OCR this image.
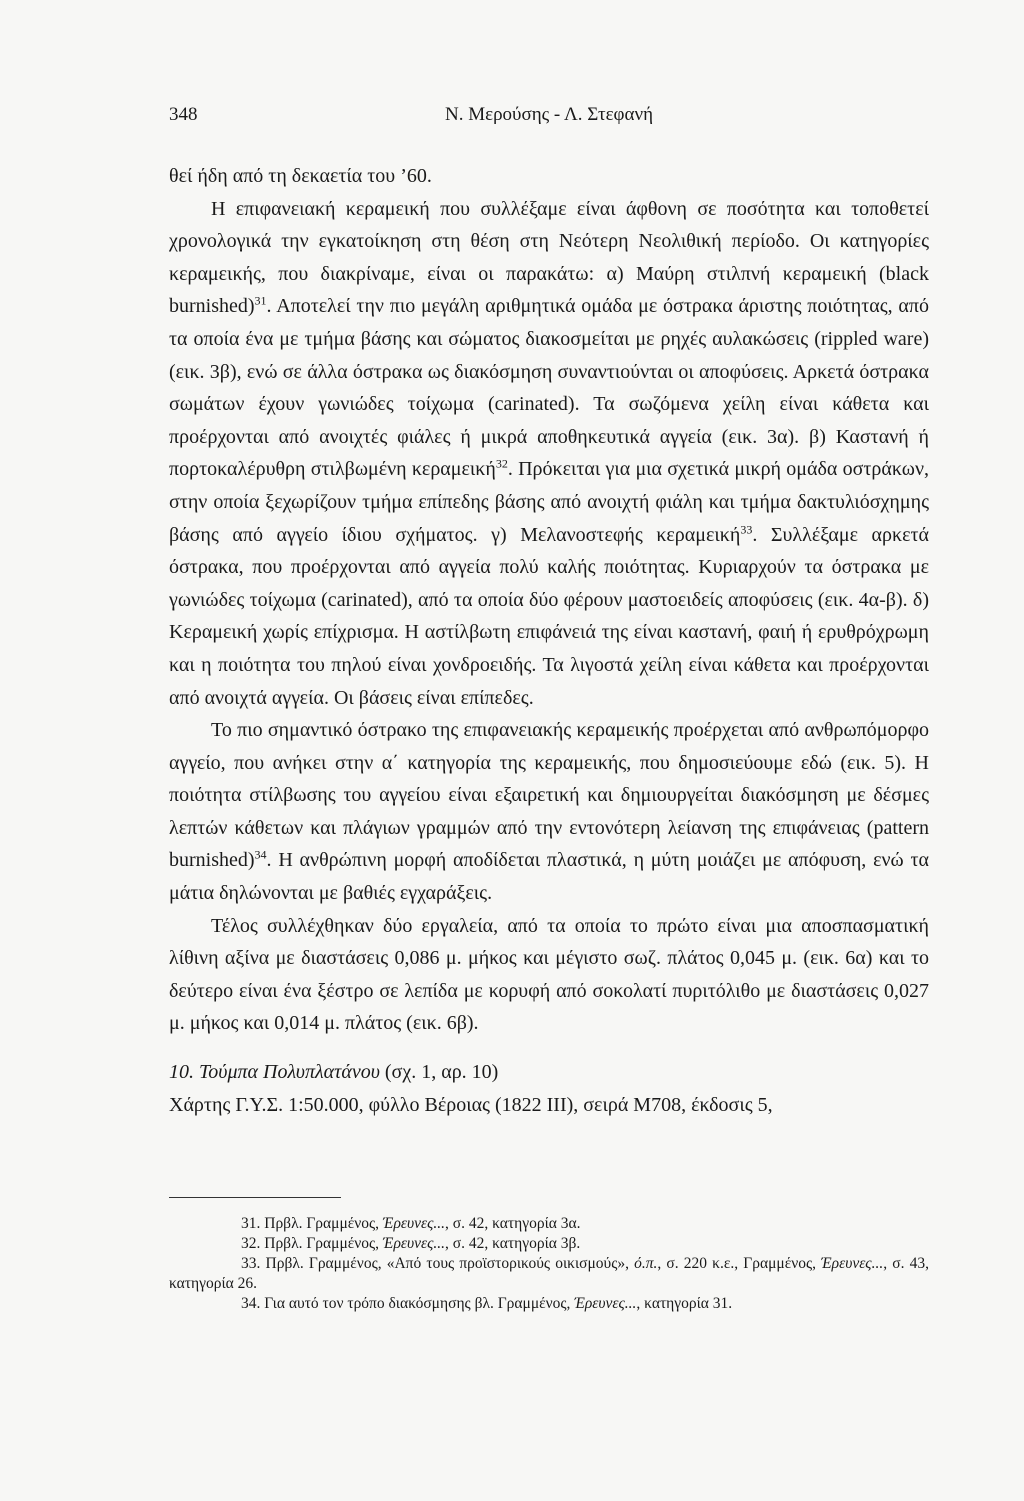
348	Ν. Μερούσης - Λ. Στεφανή

θεί ήδη από τη δεκαετία του ’60.

Η επιφανειακή κεραμεική που συλλέξαμε είναι άφθονη σε ποσότητα και τοποθετεί χρονολογικά την εγκατοίκηση στη θέση στη Νεότερη Νεολιθική περίοδο. Οι κατηγορίες κεραμεικής, που διακρίναμε, είναι οι παρακάτω: α) Μαύρη στιλπνή κεραμεική (black burnished)$^{31}$. Αποτελεί την πιο μεγάλη αριθμητικά ομάδα με όστρακα άριστης ποιότητας, από τα οποία ένα με τμήμα βάσης και σώματος διακοσμείται με ρηχές αυλακώσεις (rippled ware) (εικ. 3β), ενώ σε άλλα όστρακα ως διακόσμηση συναντιούνται οι αποφύσεις. Αρκετά όστρακα σωμάτων έχουν γωνιώδες τοίχωμα (carinated). Τα σωζόμενα χείλη είναι κάθετα και προέρχονται από ανοιχτές φιάλες ή μικρά αποθηκευτικά αγγεία (εικ. 3α). β) Καστανή ή πορτοκαλέρυθρη στιλβωμένη κεραμεική$^{32}$. Πρόκειται για μια σχετικά μικρή ομάδα οστράκων, στην οποία ξεχωρίζουν τμήμα επίπεδης βάσης από ανοιχτή φιάλη και τμήμα δακτυλιόσχημης βάσης από αγγείο ίδιου σχήματος. γ) Μελανοστεφής κεραμεική$^{33}$. Συλλέξαμε αρκετά όστρακα, που προέρχονται από αγγεία πολύ καλής ποιότητας. Κυριαρχούν τα όστρακα με γωνιώδες τοίχωμα (carinated), από τα οποία δύο φέρουν μαστοειδείς αποφύσεις (εικ. 4α-β). δ) Κεραμεική χωρίς επίχρισμα. Η αστίλβωτη επιφάνειά της είναι καστανή, φαιή ή ερυθρόχρωμη και η ποιότητα του πηλού είναι χονδροειδής. Τα λιγοστά χείλη είναι κάθετα και προέρχονται από ανοιχτά αγγεία. Οι βάσεις είναι επίπεδες.

Το πιο σημαντικό όστρακο της επιφανειακής κεραμεικής προέρχεται από ανθρωπόμορφο αγγείο, που ανήκει στην α΄ κατηγορία της κεραμεικής, που δημοσιεύουμε εδώ (εικ. 5). Η ποιότητα στίλβωσης του αγγείου είναι εξαιρετική και δημιουργείται διακόσμηση με δέσμες λεπτών κάθετων και πλάγιων γραμμών από την εντονότερη λείανση της επιφάνειας (pattern burnished)$^{34}$. Η ανθρώπινη μορφή αποδίδεται πλαστικά, η μύτη μοιάζει με απόφυση, ενώ τα μάτια δηλώνονται με βαθιές εγχαράξεις.

Τέλος συλλέχθηκαν δύο εργαλεία, από τα οποία το πρώτο είναι μια αποσπασματική λίθινη αξίνα με διαστάσεις 0,086 μ. μήκος και μέγιστο σωζ. πλάτος 0,045 μ. (εικ. 6α) και το δεύτερο είναι ένα ξέστρο σε λεπίδα με κορυφή από σοκολατί πυριτόλιθο με διαστάσεις 0,027 μ. μήκος και 0,014 μ. πλάτος (εικ. 6β).

10. Τούμπα Πολυπλατάνου (σχ. 1, αρ. 10)

Χάρτης Γ.Υ.Σ. 1:50.000, φύλλο Βέροιας (1822 ΙΙΙ), σειρά Μ708, έκδοσις 5,

31. Πρβλ. Γραμμένος, Έρευνες..., σ. 42, κατηγορία 3α.

32. Πρβλ. Γραμμένος, Έρευνες..., σ. 42, κατηγορία 3β.

33. Πρβλ. Γραμμένος, «Από τους προϊστορικούς οικισμούς», ό.π., σ. 220 κ.ε., Γραμμένος, Έρευνες..., σ. 43, κατηγορία 26.

34. Για αυτό τον τρόπο διακόσμησης βλ. Γραμμένος, Έρευνες..., κατηγορία 31.
